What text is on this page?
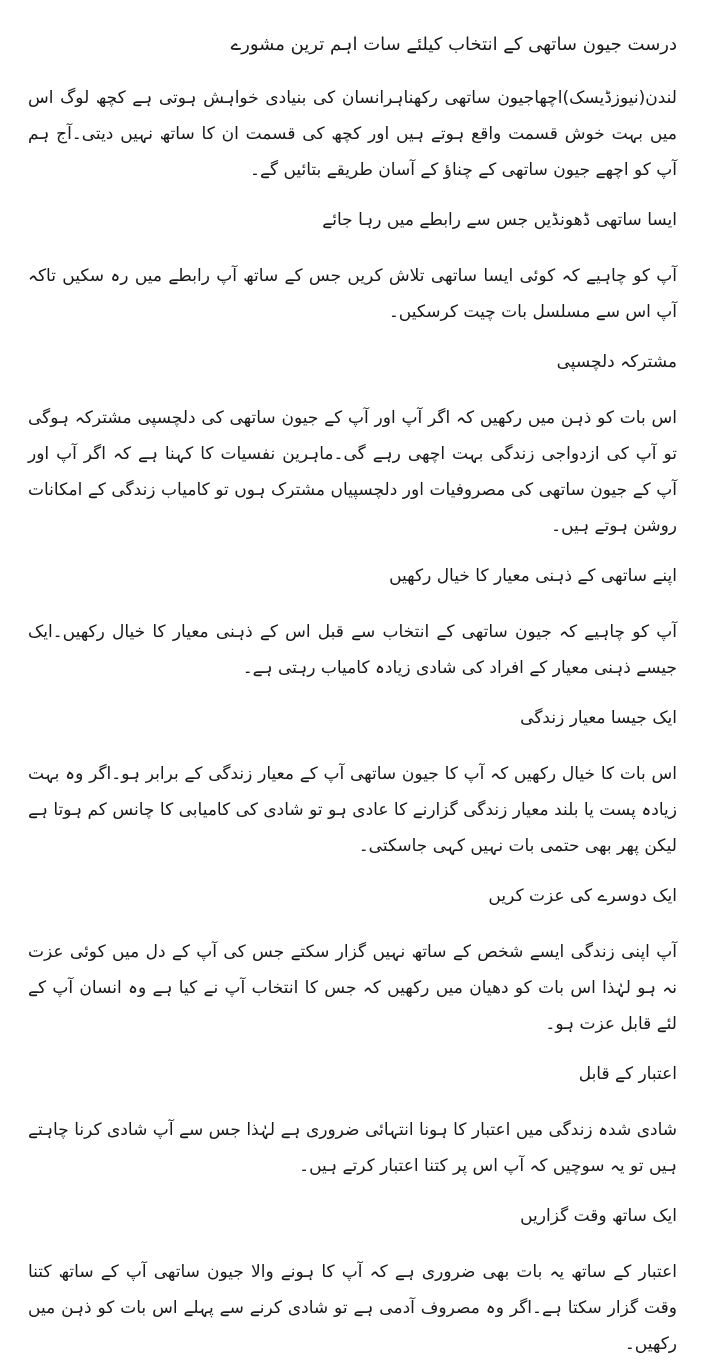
درست جیون ساتھی کے انتخاب کیلئے سات اہم ترین مشورے

لندن(نیوزڈیسک)اچھاجیون ساتھی رکھناہرانسان کی بنیادی خواہش ہوتی ہے کچھ لوگ اس میں بہت خوش قسمت واقع ہوتے ہیں اور کچھ کی قسمت ان کا ساتھ نہیں دیتی۔آج ہم آپ کو اچھے جیون ساتھی کے چناؤ کے آسان طریقے بتائیں گے۔

ایسا ساتھی ڈھونڈیں جس سے رابطے میں رہا جائے

آپ کو چاہیے کہ کوئی ایسا ساتھی تلاش کریں جس کے ساتھ آپ رابطے میں رہ سکیں تاکہ آپ اس سے مسلسل بات چیت کرسکیں۔

مشترکہ دلچسپی

اس بات کو ذہن میں رکھیں کہ اگر آپ اور آپ کے جیون ساتھی کی دلچسپی مشترکہ ہوگی تو آپ کی ازدواجی زندگی بہت اچھی رہے گی۔ماہرین نفسیات کا کہنا ہے کہ اگر آپ اور آپ کے جیون ساتھی کی مصروفیات اور دلچسپیاں مشترک ہوں تو کامیاب زندگی کے امکانات روشن ہوتے ہیں۔

اپنے ساتھی کے ذہنی معیار کا خیال رکھیں

آپ کو چاہیے کہ جیون ساتھی کے انتخاب سے قبل اس کے ذہنی معیار کا خیال رکھیں۔ایک جیسے ذہنی معیار کے افراد کی شادی زیادہ کامیاب رہتی ہے۔

ایک جیسا معیار زندگی

اس بات کا خیال رکھیں کہ آپ کا جیون ساتھی آپ کے معیار زندگی کے برابر ہو۔اگر وہ بہت زیادہ پست یا بلند معیار زندگی گزارنے کا عادی ہو تو شادی کی کامیابی کا چانس کم ہوتا ہے لیکن پھر بھی حتمی بات نہیں کہی جاسکتی۔

ایک دوسرے کی عزت کریں

آپ اپنی زندگی ایسے شخص کے ساتھ نہیں گزار سکتے جس کی آپ کے دل میں کوئی عزت نہ ہو لہٰذا اس بات کو دھیان میں رکھیں کہ جس کا انتخاب آپ نے کیا ہے وہ انسان آپ کے لئے قابل عزت ہو۔

اعتبار کے قابل

شادی شدہ زندگی میں اعتبار کا ہونا انتہائی ضروری ہے لہٰذا جس سے آپ شادی کرنا چاہتے ہیں تو یہ سوچیں کہ آپ اس پر کتنا اعتبار کرتے ہیں۔

ایک ساتھ وقت گزاریں

اعتبار کے ساتھ یہ بات بھی ضروری ہے کہ آپ کا ہونے والا جیون ساتھی آپ کے ساتھ کتنا وقت گزار سکتا ہے۔اگر وہ مصروف آدمی ہے تو شادی کرنے سے پہلے اس بات کو ذہن میں رکھیں۔
